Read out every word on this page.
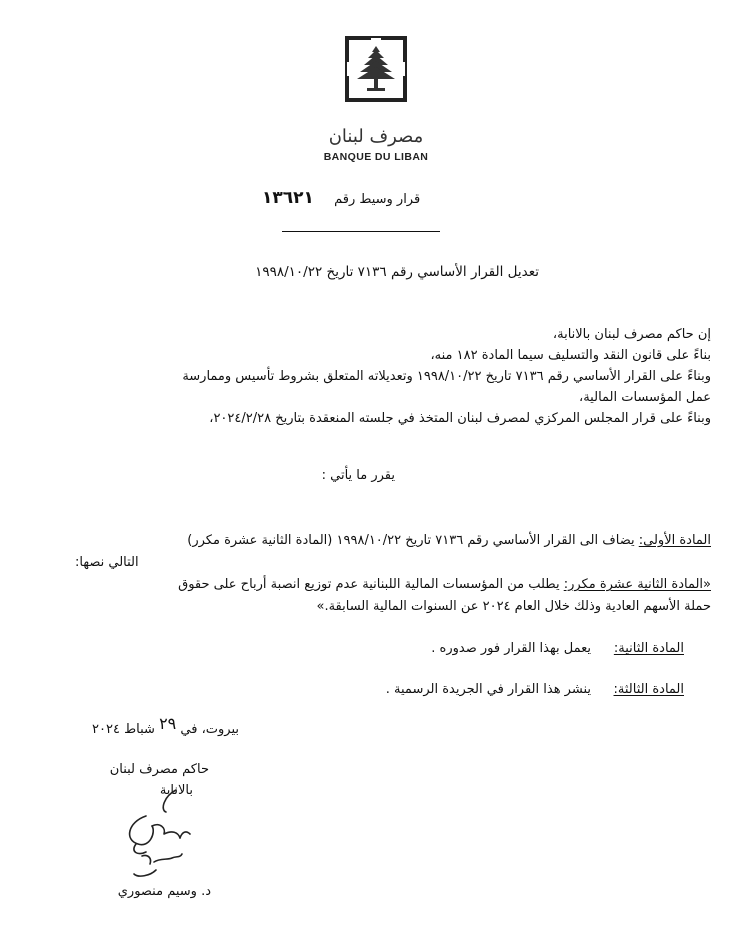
مصرف لبنان
BANQUE DU LIBAN
قرار وسيط رقم  ١٣٦٢١
تعديل القرار الأساسي رقم ٧١٣٦ تاريخ ١٩٩٨/١٠/٢٢
إن حاكم مصرف لبنان بالانابة،
بناءً على قانون النقد والتسليف سيما المادة ١٨٢ منه،
وبناءً على القرار الأساسي رقم ٧١٣٦ تاريخ ١٩٩٨/١٠/٢٢ وتعديلاته المتعلق بشروط تأسيس وممارسة
عمل المؤسسات المالية،
وبناءً على قرار المجلس المركزي لمصرف لبنان المتخذ في جلسته المنعقدة بتاريخ ٢٠٢٤/٢/٢٨،
يقرر ما يأتي :
المادة الأولى: يضاف الى القرار الأساسي رقم ٧١٣٦ تاريخ ١٩٩٨/١٠/٢٢ (المادة الثانية عشرة مكرر)
التالي نصها:
«المادة الثانية عشرة مكرر: يطلب من المؤسسات المالية اللبنانية عدم توزيع انصبة أرباح على حقوق
حملة الأسهم العادية وذلك خلال العام ٢٠٢٤ عن السنوات المالية السابقة.»
المادة الثانية:
يعمل بهذا القرار فور صدوره .
المادة الثالثة:
ينشر هذا القرار في الجريدة الرسمية .
بيروت، في ٢٩ شباط ٢٠٢٤
حاكم مصرف لبنان
بالانابة
د. وسيم منصوري
